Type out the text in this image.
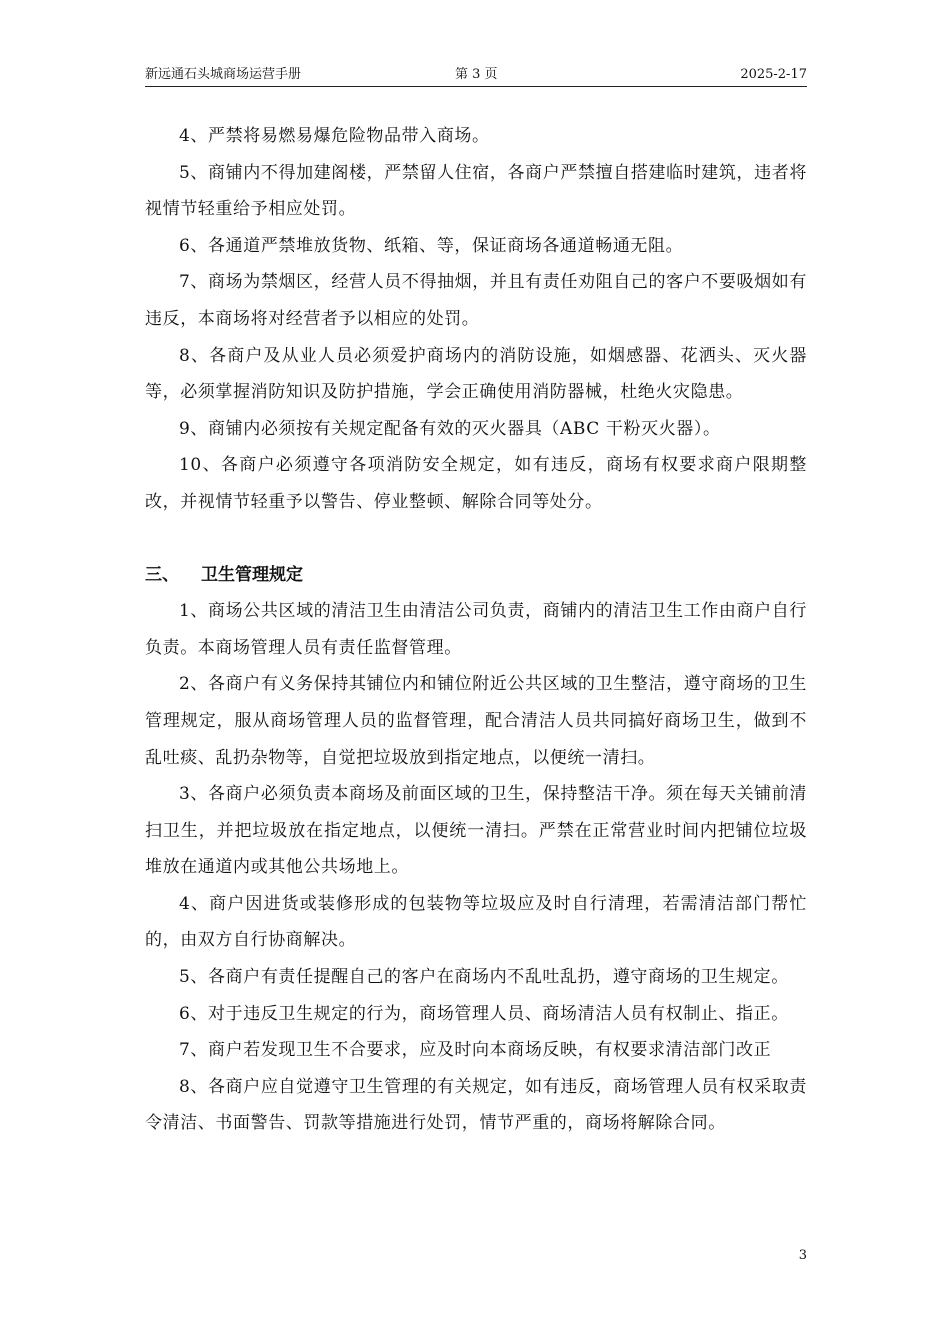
新远通石头城商场运营手册	第 3 页	2025-2-17

4、严禁将易燃易爆危险物品带入商场。

5、商铺内不得加建阁楼，严禁留人住宿，各商户严禁擅自搭建临时建筑，违者将视情节轻重给予相应处罚。

6、各通道严禁堆放货物、纸箱、等，保证商场各通道畅通无阻。

7、商场为禁烟区，经营人员不得抽烟，并且有责任劝阻自己的客户不要吸烟如有违反，本商场将对经营者予以相应的处罚。

8、各商户及从业人员必须爱护商场内的消防设施，如烟感器、花洒头、灭火器等，必须掌握消防知识及防护措施，学会正确使用消防器械，杜绝火灾隐患。

9、商铺内必须按有关规定配备有效的灭火器具（ABC 干粉灭火器）。

10、各商户必须遵守各项消防安全规定，如有违反，商场有权要求商户限期整改，并视情节轻重予以警告、停业整顿、解除合同等处分。

三、 卫生管理规定

1、商场公共区域的清洁卫生由清洁公司负责，商铺内的清洁卫生工作由商户自行负责。本商场管理人员有责任监督管理。

2、各商户有义务保持其铺位内和铺位附近公共区域的卫生整洁，遵守商场的卫生管理规定，服从商场管理人员的监督管理，配合清洁人员共同搞好商场卫生，做到不乱吐痰、乱扔杂物等，自觉把垃圾放到指定地点，以便统一清扫。

3、各商户必须负责本商场及前面区域的卫生，保持整洁干净。须在每天关铺前清扫卫生，并把垃圾放在指定地点，以便统一清扫。严禁在正常营业时间内把铺位垃圾堆放在通道内或其他公共场地上。

4、商户因进货或装修形成的包装物等垃圾应及时自行清理，若需清洁部门帮忙的，由双方自行协商解决。

5、各商户有责任提醒自己的客户在商场内不乱吐乱扔，遵守商场的卫生规定。

6、对于违反卫生规定的行为，商场管理人员、商场清洁人员有权制止、指正。

7、商户若发现卫生不合要求，应及时向本商场反映，有权要求清洁部门改正

8、各商户应自觉遵守卫生管理的有关规定，如有违反，商场管理人员有权采取责令清洁、书面警告、罚款等措施进行处罚，情节严重的，商场将解除合同。

3
